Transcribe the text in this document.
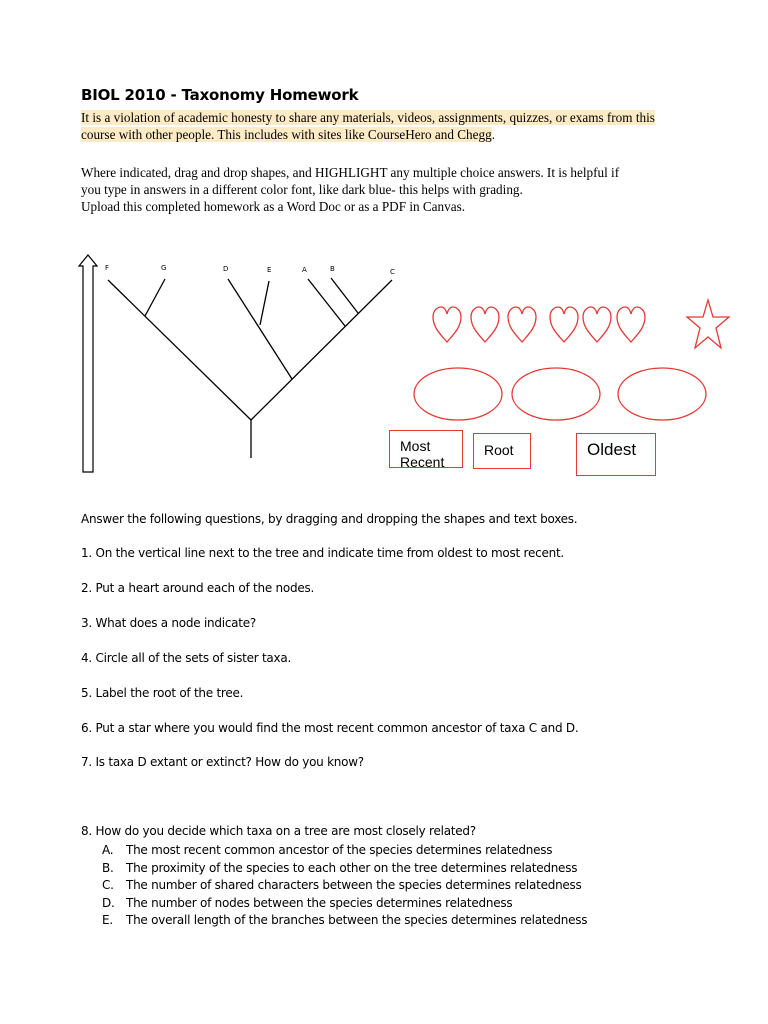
BIOL 2010 - Taxonomy Homework
It is a violation of academic honesty to share any materials, videos, assignments, quizzes, or exams from this course with other people. This includes with sites like CourseHero and Chegg.
Where indicated, drag and drop shapes, and HIGHLIGHT any multiple choice answers. It is helpful if
you type in answers in a different color font, like dark blue- this helps with grading.
Upload this completed homework as a Word Doc or as a PDF in Canvas.
F	G	D	E	A	B	C
Most Recent
Root	Oldest
Answer the following questions, by dragging and dropping the shapes and text boxes.
1. On the vertical line next to the tree and indicate time from oldest to most recent.
2. Put a heart around each of the nodes.
3. What does a node indicate?
4. Circle all of the sets of sister taxa.
5. Label the root of the tree.
6. Put a star where you would find the most recent common ancestor of taxa C and D.
7. Is taxa D extant or extinct? How do you know?
8. How do you decide which taxa on a tree are most closely related?
A. The most recent common ancestor of the species determines relatedness
B. The proximity of the species to each other on the tree determines relatedness
C. The number of shared characters between the species determines relatedness
D. The number of nodes between the species determines relatedness
E. The overall length of the branches between the species determines relatedness
